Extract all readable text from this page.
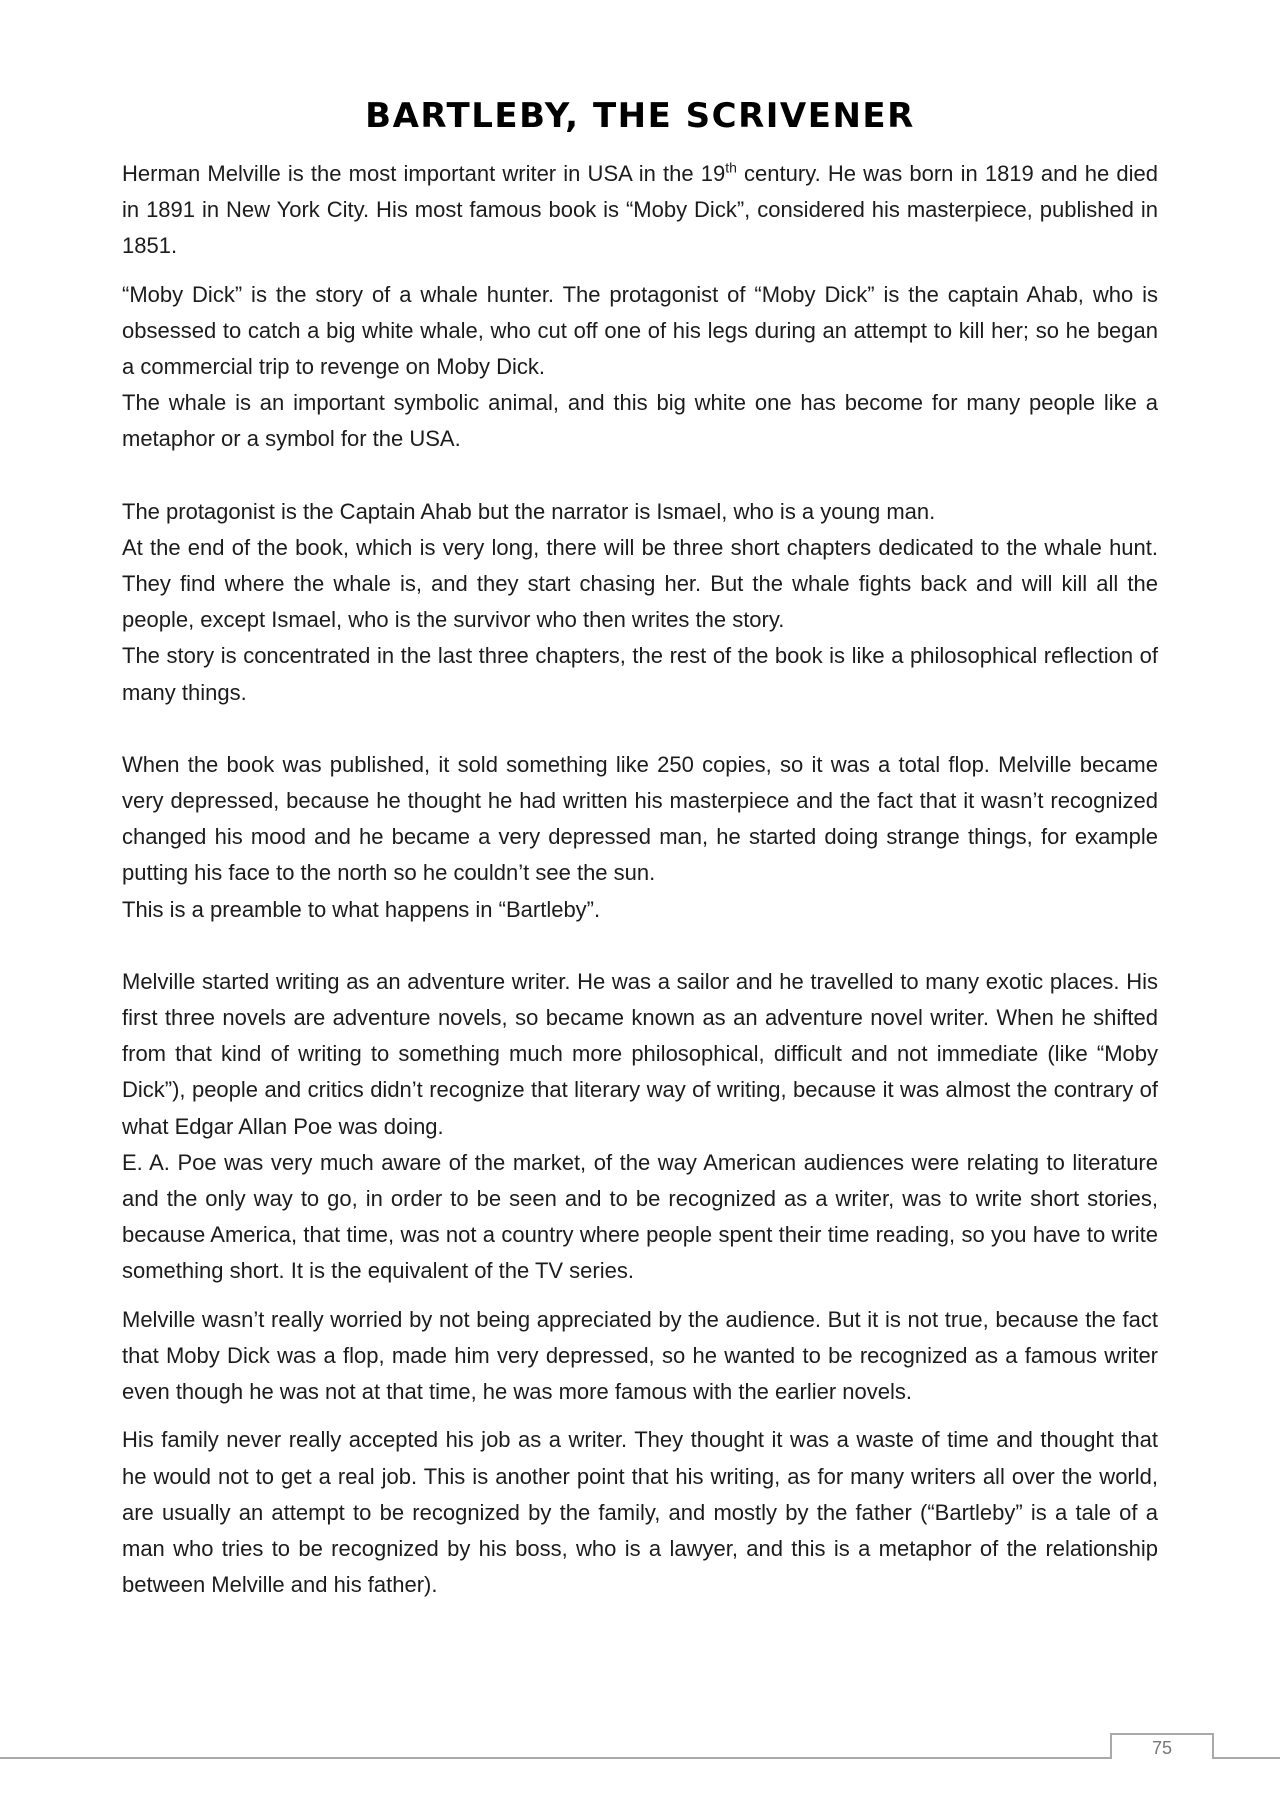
BARTLEBY, THE SCRIVENER

Herman Melville is the most important writer in USA in the 19th century. He was born in 1819 and he died in 1891 in New York City. His most famous book is “Moby Dick”, considered his masterpiece, published in 1851.

“Moby Dick” is the story of a whale hunter. The protagonist of “Moby Dick” is the captain Ahab, who is obsessed to catch a big white whale, who cut off one of his legs during an attempt to kill her; so he began a commercial trip to revenge on Moby Dick.

The whale is an important symbolic animal, and this big white one has become for many people like a metaphor or a symbol for the USA.

The protagonist is the Captain Ahab but the narrator is Ismael, who is a young man.

At the end of the book, which is very long, there will be three short chapters dedicated to the whale hunt. They find where the whale is, and they start chasing her. But the whale fights back and will kill all the people, except Ismael, who is the survivor who then writes the story.

The story is concentrated in the last three chapters, the rest of the book is like a philosophical reflection of many things.

When the book was published, it sold something like 250 copies, so it was a total flop. Melville became very depressed, because he thought he had written his masterpiece and the fact that it wasn’t recognized changed his mood and he became a very depressed man, he started doing strange things, for example putting his face to the north so he couldn’t see the sun.

This is a preamble to what happens in “Bartleby”.

Melville started writing as an adventure writer. He was a sailor and he travelled to many exotic places. His first three novels are adventure novels, so became known as an adventure novel writer. When he shifted from that kind of writing to something much more philosophical, difficult and not immediate (like “Moby Dick”), people and critics didn’t recognize that literary way of writing, because it was almost the contrary of what Edgar Allan Poe was doing.

E. A. Poe was very much aware of the market, of the way American audiences were relating to literature and the only way to go, in order to be seen and to be recognized as a writer, was to write short stories, because America, that time, was not a country where people spent their time reading, so you have to write something short. It is the equivalent of the TV series.

Melville wasn’t really worried by not being appreciated by the audience. But it is not true, because the fact that Moby Dick was a flop, made him very depressed, so he wanted to be recognized as a famous writer even though he was not at that time, he was more famous with the earlier novels.

His family never really accepted his job as a writer. They thought it was a waste of time and thought that he would not to get a real job. This is another point that his writing, as for many writers all over the world, are usually an attempt to be recognized by the family, and mostly by the father (“Bartleby” is a tale of a man who tries to be recognized by his boss, who is a lawyer, and this is a metaphor of the relationship between Melville and his father).

75
